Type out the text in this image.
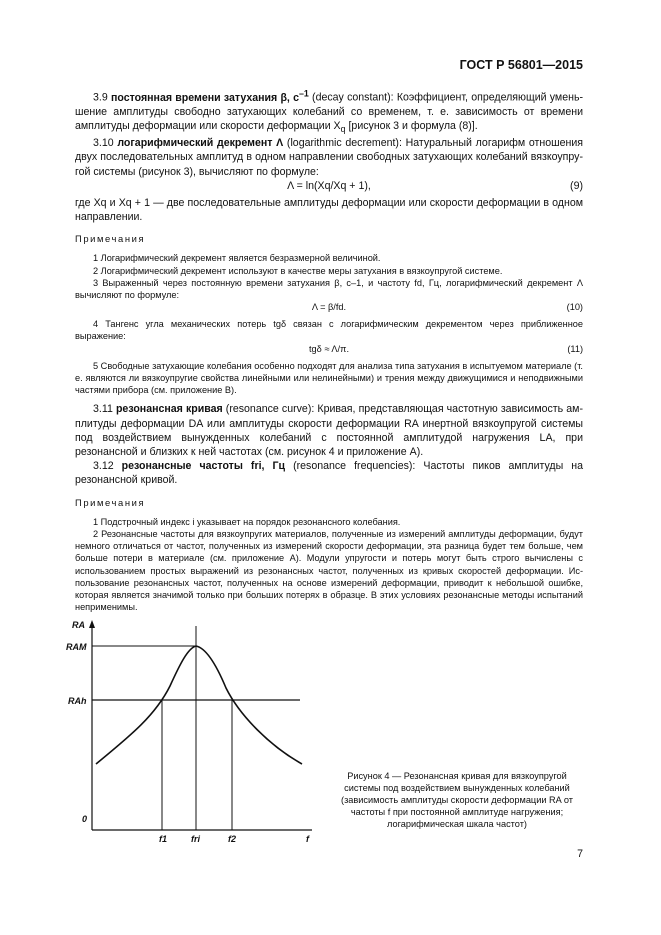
ГОСТ Р 56801—2015

3.9 постоянная времени затухания β, $с^{-1}$ (decay constant): Коэффициент, определяющий уменьшение амплитуды свободно затухающих колебаний со временем, т. е. зависимость от времени амплитуды деформации или скорости деформации $X_q$ [рисунок 3 и формула (8)].

3.10 логарифмический декремент Λ (logarithmic decrement): Натуральный логарифм отношения двух последовательных амплитуд в одном направлении свободных затухающих колебаний вязкоупругой системы (рисунок 3), вычисляют по формуле:

Λ = ln(Xq/Xq + 1),	(9)

где Xq и Xq + 1 — две последовательные амплитуды деформации или скорости деформации в одном направлении.

Примечания

1 Логарифмический декремент является безразмерной величиной.

2 Логарифмический декремент используют в качестве меры затухания в вязкоупругой системе.

3 Выраженный через постоянную времени затухания β, с–1, и частоту fd, Гц, логарифмический декремент Λ вычисляют по формуле:

Λ = β/fd.	(10)

4 Тангенс угла механических потерь tgδ связан с логарифмическим декрементом через приближенное выражение:

tgδ ≈ Λ/π.	(11)

5 Свободные затухающие колебания особенно подходят для анализа типа затухания в испытуемом материале (т. е. являются ли вязкоупругие свойства линейными или нелинейными) и трения между движущимися и неподвижными частями прибора (см. приложение В).

3.11 резонансная кривая (resonance curve): Кривая, представляющая частотную зависимость амплитуды деформации DA или амплитуды скорости деформации RA инертной вязкоупругой системы под воздействием вынужденных колебаний с постоянной амплитудой нагружения LA, при резонансной и близких к ней частотах (см. рисунок 4 и приложение А).

3.12 резонансные частоты fri, Гц (resonance frequencies): Частоты пиков амплитуды на резонансной кривой.

Примечания

1 Подстрочный индекс i указывает на порядок резонансного колебания.

2 Резонансные частоты для вязкоупругих материалов, полученные из измерений амплитуды деформации, будут немного отличаться от частот, полученных из измерений скорости деформации, эта разница будет тем больше, чем больше потери в материале (см. приложение А). Модули упругости и потерь могут быть строго вычислены с использованием простых выражений из резонансных частот, полученных из кривых скоростей деформации. Использование резонансных частот, полученных на основе измерений деформации, приводит к небольшой ошибке, которая является значимой только при больших потерях в образце. В этих условиях резонансные методы испытаний неприменимы.

RA
RAM
RAh
0
f1	fri	f2	f
Рисунок 4 — Резонансная кривая для вязкоупругой системы под воздействием вынужденных колебаний (зависимость амплитуды скорости деформации RA от частоты f при постоянной амплитуде нагружения; логарифмическая шкала частот)
7
